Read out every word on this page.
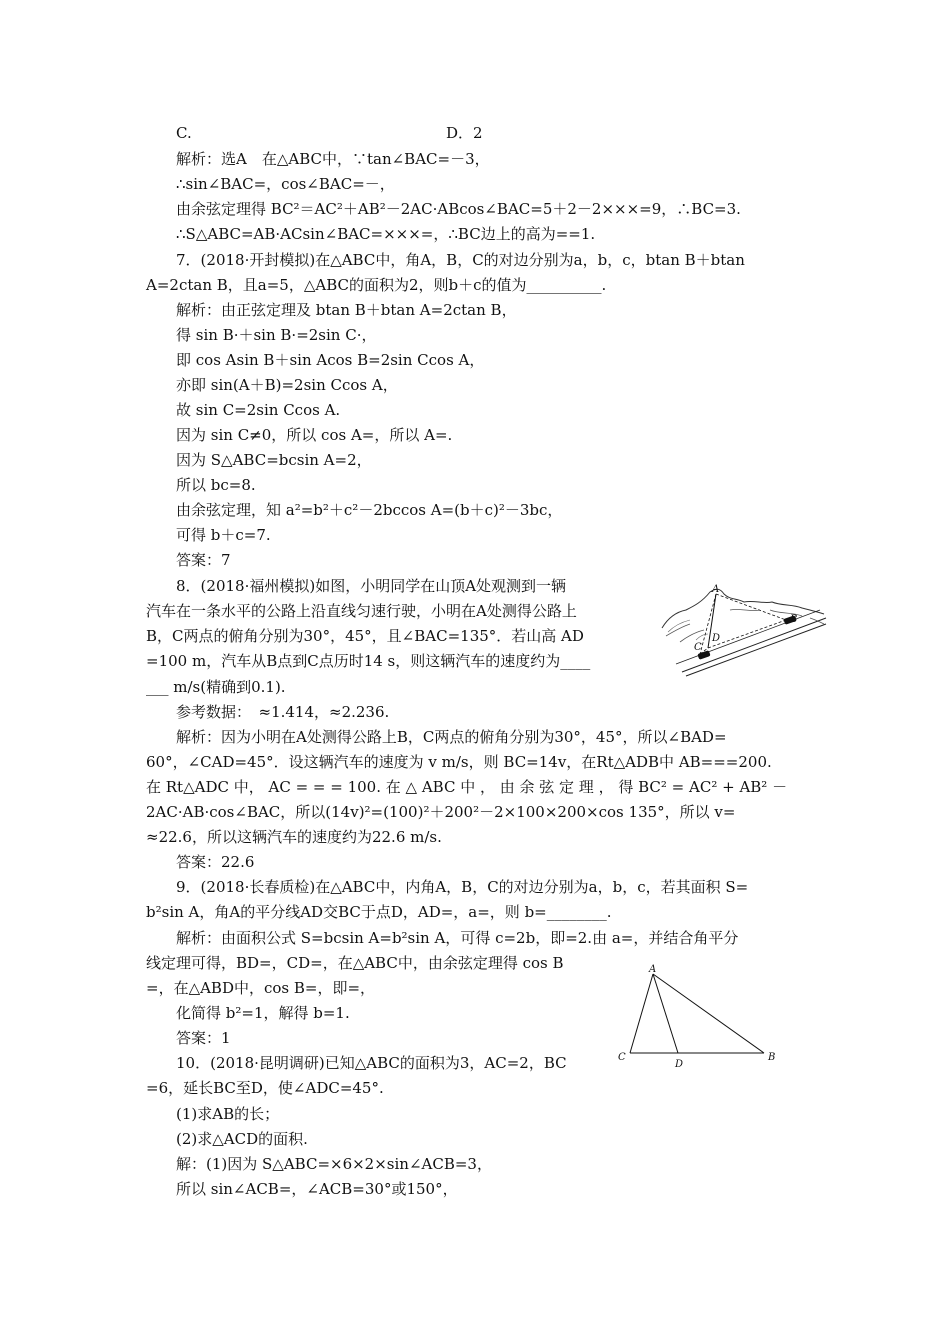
C.	D．2
解析：选A　在△ABC中，∵tan∠BAC=－3，
∴sin∠BAC=，cos∠BAC=－，
由余弦定理得 BC²＝AC²＋AB²－2AC·ABcos∠BAC=5＋2－2×××=9，∴BC=3.
∴S△ABC=AB·ACsin∠BAC=×××=，∴BC边上的高为==1.
7．(2018·开封模拟)在△ABC中，角A，B，C的对边分别为a，b，c，btan B＋btan
A=2ctan B，且a=5，△ABC的面积为2，则b＋c的值为__________.
解析：由正弦定理及 btan B＋btan A=2ctan B，
得 sin B·＋sin B·=2sin C·，
即 cos Asin B＋sin Acos B=2sin Ccos A，
亦即 sin(A＋B)=2sin Ccos A，
故 sin C=2sin Ccos A.
因为 sin C≠0，所以 cos A=，所以 A=.
因为 S△ABC=bcsin A=2，
所以 bc=8.
由余弦定理，知 a²=b²＋c²－2bccos A=(b＋c)²－3bc，
可得 b＋c=7.
答案：7
8．(2018·福州模拟)如图，小明同学在山顶A处观测到一辆
汽车在一条水平的公路上沿直线匀速行驶，小明在A处测得公路上
B，C两点的俯角分别为30°，45°，且∠BAC=135°．若山高 AD
=100 m，汽车从B点到C点历时14 s，则这辆汽车的速度约为____
___ m/s(精确到0.1).
参考数据：　≈1.414，≈2.236.
解析：因为小明在A处测得公路上B，C两点的俯角分别为30°，45°，所以∠BAD=
60°，∠CAD=45°．设这辆汽车的速度为 v m/s，则 BC=14v，在Rt△ADB中 AB===200.
在 Rt△ADC 中， AC = = = 100. 在 △ ABC 中 ， 由 余 弦 定 理 ， 得 BC² = AC² + AB² －
2AC·AB·cos∠BAC，所以(14v)²=(100)²＋200²－2×100×200×cos 135°，所以 v=
≈22.6，所以这辆汽车的速度约为22.6 m/s.
答案：22.6
9．(2018·长春质检)在△ABC中，内角A，B，C的对边分别为a，b，c，若其面积 S=
b²sin A，角A的平分线AD交BC于点D，AD=，a=，则 b=________.
解析：由面积公式 S=bcsin A=b²sin A，可得 c=2b，即=2.由 a=，并结合角平分
线定理可得，BD=，CD=，在△ABC中，由余弦定理得 cos B
=，在△ABD中，cos B=，即=，
化简得 b²=1，解得 b=1.
答案：1
10．(2018·昆明调研)已知△ABC的面积为3，AC=2，BC
=6，延长BC至D，使∠ADC=45°.
(1)求AB的长；
(2)求△ACD的面积.
解：(1)因为 S△ABC=×6×2×sin∠ACB=3，
所以 sin∠ACB=，∠ACB=30°或150°，
A
B
C
D
A
B
C
D
